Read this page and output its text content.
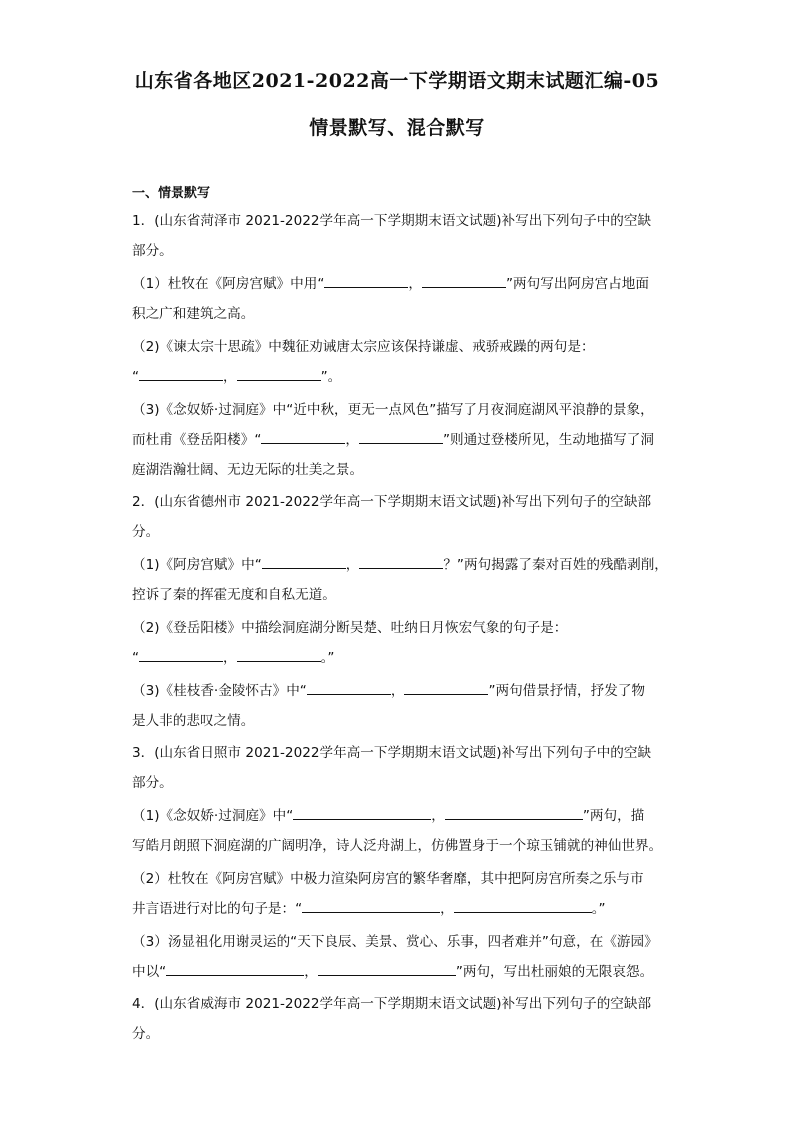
山东省各地区2021-2022高一下学期语文期末试题汇编-05
情景默写、混合默写
一、情景默写
1．(山东省菏泽市 2021-2022学年高一下学期期末语文试题)补写出下列句子中的空缺
部分。
（1）杜牧在《阿房宫赋》中用“	，	”两句写出阿房宫占地面
积之广和建筑之高。
（2)《谏太宗十思疏》中魏征劝诫唐太宗应该保持谦虚、戒骄戒躁的两句是：
“	，	”。
（3)《念奴娇·过洞庭》中“近中秋，更无一点风色”描写了月夜洞庭湖风平浪静的景象，
而杜甫《登岳阳楼》“	，	”则通过登楼所见，生动地描写了洞
庭湖浩瀚壮阔、无边无际的壮美之景。
2．(山东省德州市 2021-2022学年高一下学期期末语文试题)补写出下列句子的空缺部
分。
（1)《阿房宫赋》中“	，	？”两句揭露了秦对百姓的残酷剥削，
控诉了秦的挥霍无度和自私无道。
（2)《登岳阳楼》中描绘洞庭湖分断吴楚、吐纳日月恢宏气象的句子是：
“	，	。”
（3)《桂枝香·金陵怀古》中“	，	”两句借景抒情，抒发了物
是人非的悲叹之情。
3．(山东省日照市 2021-2022学年高一下学期期末语文试题)补写出下列句子中的空缺
部分。
（1)《念奴娇·过洞庭》中“	，	”两句，描
写皓月朗照下洞庭湖的广阔明净，诗人泛舟湖上，仿佛置身于一个琼玉铺就的神仙世界。
（2）杜牧在《阿房宫赋》中极力渲染阿房宫的繁华奢靡，其中把阿房宫所奏之乐与市
井言语进行对比的句子是：“	，	。”
（3）汤显祖化用谢灵运的“天下良辰、美景、赏心、乐事，四者难并”句意，在《游园》
中以“	，	”两句，写出杜丽娘的无限哀怨。
4．(山东省威海市 2021-2022学年高一下学期期末语文试题)补写出下列句子的空缺部
分。
